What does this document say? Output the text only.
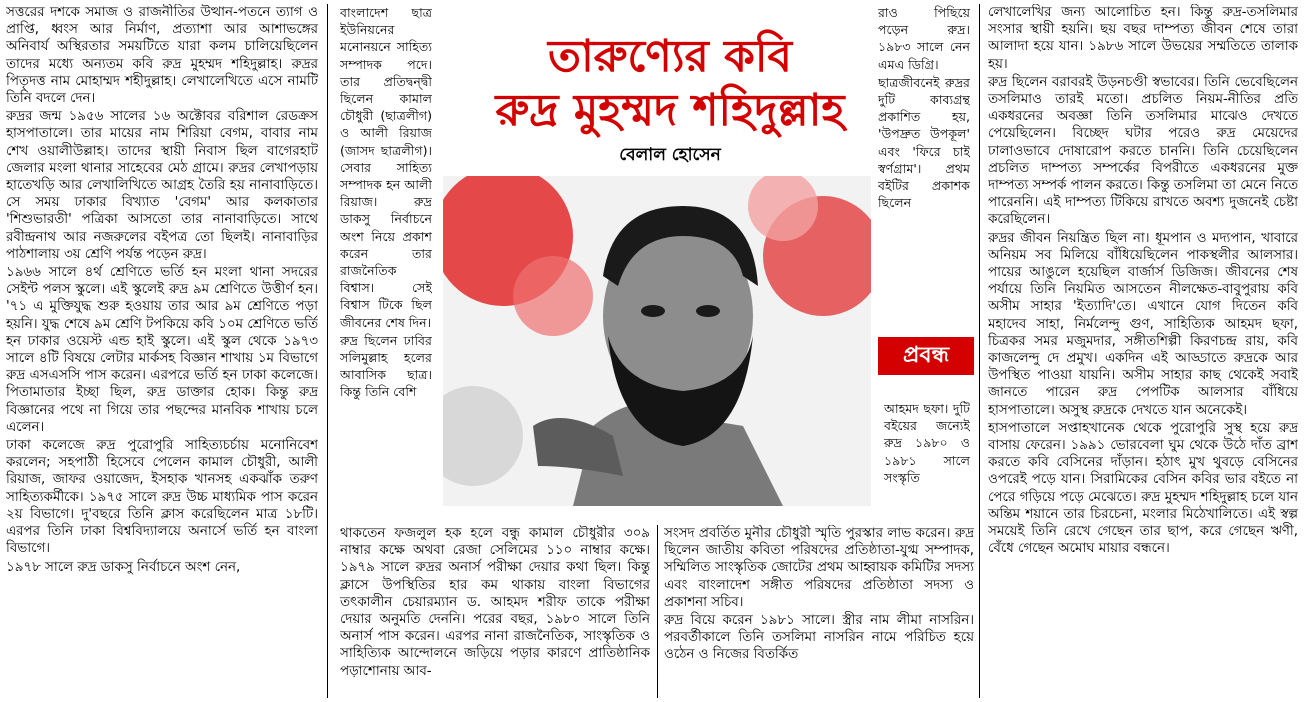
সত্তরের দশকে সমাজ ও রাজনীতির উত্থান-পতনে ত্যাগ ও প্রাপ্তি, ধ্বংস আর নির্মাণ, প্রত্যাশা আর আশাভঙ্গের অনিবার্য অস্থিরতার সময়টিতে যারা কলম চালিয়েছিলেন তাদের মধ্যে অন্যতম কবি রুদ্র মুহম্মদ শহিদুল্লাহ। রুদ্রর পিতৃদত্ত নাম মোহাম্মদ শহীদুল্লাহ। লেখালেখিতে এসে নামটি তিনি বদলে দেন।

রুদ্রর জন্ম ১৯৫৬ সালের ১৬ অক্টোবর বরিশাল রেডক্রস হাসপাতালে। তার মায়ের নাম শিরিয়া বেগম, বাবার নাম শেখ ওয়ালীউল্লাহ। তাদের স্থায়ী নিবাস ছিল বাগেরহাট জেলার মংলা থানার সাহেবের মেঠ গ্রামে। রুদ্রর লেখাপড়ায় হাতেখড়ি আর লেখালিখিতে আগ্রহ তৈরি হয় নানাবাড়িতে। সে সময় ঢাকার বিখ্যাত 'বেগম' আর কলকাতার 'শিশুভারতী' পত্রিকা আসতো তার নানাবাড়িতে। সাথে রবীন্দ্রনাথ আর নজরুলের বইপত্র তো ছিলই। নানাবাড়ির পাঠশালায় ৩য় শ্রেণি পর্যন্ত পড়েন রুদ্র।

১৯৬৬ সালে ৪র্থ শ্রেণিতে ভর্তি হন মংলা থানা সদরের সেইন্ট পলস স্কুলে। এই স্কুলেই রুদ্র ৯ম শ্রেণিতে উত্তীর্ণ হন। '৭১ এ মুক্তিযুদ্ধ শুরু হওয়ায় তার আর ৯ম শ্রেণিতে পড়া হয়নি। যুদ্ধ শেষে ৯ম শ্রেণি টপকিয়ে কবি ১০ম শ্রেণিতে ভর্তি হন ঢাকার ওয়েস্ট এন্ড হাই স্কুলে। এই স্কুল থেকে ১৯৭৩ সালে ৪টি বিষয়ে লেটার মার্কসহ বিজ্ঞান শাখায় ১ম বিভাগে রুদ্র এসএসসি পাস করেন। এরপরে ভর্তি হন ঢাকা কলেজে। পিতামাতার ইচ্ছা ছিল, রুদ্র ডাক্তার হোক। কিন্তু রুদ্র বিজ্ঞানের পথে না গিয়ে তার পছন্দের মানবিক শাখায় চলে এলেন।

ঢাকা কলেজে রুদ্র পুরোপুরি সাহিত্যচর্চায় মনোনিবেশ করলেন; সহপাঠী হিসেবে পেলেন কামাল চৌধুরী, আলী রিয়াজ, জাফর ওয়াজেদ, ইসহাক খানসহ একঝাঁক তরুণ সাহিত্যকর্মীকে। ১৯৭৫ সালে রুদ্র উচ্চ মাধ্যমিক পাস করেন ২য় বিভাগে। দু'বছরে তিনি ক্লাস করেছিলেন মাত্র ১৮টি। এরপর তিনি ঢাকা বিশ্ববিদ্যালয়ে অনার্সে ভর্তি হন বাংলা বিভাগে।

১৯৭৮ সালে রুদ্র ডাকসু নির্বাচনে অংশ নেন,

বাংলাদেশ ছাত্র ইউনিয়নের মনোনয়নে সাহিত্য সম্পাদক পদে। তার প্রতিদ্বন্দ্বী ছিলেন কামাল চৌধুরী (ছাত্রলীগ) ও আলী রিয়াজ (জাসদ ছাত্রলীগ)। সেবার সাহিত্য সম্পাদক হন আলী রিয়াজ। রুদ্র ডাকসু নির্বাচনে অংশ নিয়ে প্রকাশ করেন তার রাজনৈতিক বিশ্বাস। সেই বিশ্বাস টিকে ছিল জীবনের শেষ দিন।

রুদ্র ছিলেন ঢাবির সলিমুল্লাহ হলের আবাসিক ছাত্র। কিন্তু তিনি বেশি

তারুণ্যের কবি
রুদ্র মুহম্মদ শহিদুল্লাহ
বেলাল হোসেন

রাও পিছিয়ে পড়েন রুদ্র। ১৯৮৩ সালে নেন এমএ ডিগ্রি।

ছাত্রজীবনেই রুদ্রর দুটি কাব্যগ্রন্থ প্রকাশিত হয়, 'উপদ্রুত উপকূল' এবং 'ফিরে চাই স্বর্ণগ্রাম'। প্রথম বইটির প্রকাশক ছিলেন

প্রবন্ধ

আহমদ ছফা। দুটি বইয়ের জন্যেই রুদ্র ১৯৮০ ও ১৯৮১ সালে সংস্কৃতি

থাকতেন ফজলুল হক হলে বন্ধু কামাল চৌধুরীর ৩০৯ নাম্বার কক্ষে অথবা রেজা সেলিমের ১১০ নাম্বার কক্ষে। ১৯৭৯ সালে রুদ্রর অনার্স পরীক্ষা দেয়ার কথা ছিল। কিন্তু ক্লাসে উপস্থিতির হার কম থাকায় বাংলা বিভাগের তৎকালীন চেয়ারম্যান ড. আহমদ শরীফ তাকে পরীক্ষা দেয়ার অনুমতি দেননি। পরের বছর, ১৯৮০ সালে তিনি অনার্স পাস করেন। এরপর নানা রাজনৈতিক, সাংস্কৃতিক ও সাহিত্যিক আন্দোলনে জড়িয়ে পড়ার কারণে প্রাতিষ্ঠানিক পড়াশোনায় আব-

সংসদ প্রবর্তিত মুনীর চৌধুরী স্মৃতি পুরস্কার লাভ করেন। রুদ্র ছিলেন জাতীয় কবিতা পরিষদের প্রতিষ্ঠাতা-যুগ্ম সম্পাদক, সম্মিলিত সাংস্কৃতিক জোটের প্রথম আহ্বায়ক কমিটির সদস্য এবং বাংলাদেশ সঙ্গীত পরিষদের প্রতিষ্ঠাতা সদস্য ও প্রকাশনা সচিব।

রুদ্র বিয়ে করেন ১৯৮১ সালে। স্ত্রীর নাম লীমা নাসরিন। পরবর্তীকালে তিনি তসলিমা নাসরিন নামে পরিচিত হয়ে ওঠেন ও নিজের বিতর্কিত

লেখালেখির জন্য আলোচিত হন। কিন্তু রুদ্র-তসলিমার সংসার স্থায়ী হয়নি। ছয় বছর দাম্পত্য জীবন শেষে তারা আলাদা হয়ে যান। ১৯৮৬ সালে উভয়ের সম্মতিতে তালাক হয়।

রুদ্র ছিলেন বরাবরই উড়নচণ্ডী স্বভাবের। তিনি ভেবেছিলেন তসলিমাও তারই মতো। প্রচলিত নিয়ম-নীতির প্রতি একধরনের অবজ্ঞা তিনি তসলিমার মাঝেও দেখতে পেয়েছিলেন। বিচ্ছেদ ঘটার পরেও রুদ্র মেয়েদের ঢালাওভাবে দোষারোপ করতে চাননি। তিনি চেয়েছিলেন প্রচলিত দাম্পত্য সম্পর্কের বিপরীতে একধরনের মুক্ত দাম্পত্য সম্পর্ক পালন করতে। কিন্তু তসলিমা তা মেনে নিতে পারেননি। এই দাম্পত্য টিকিয়ে রাখতে অবশ্য দুজনেই চেষ্টা করেছিলেন।

রুদ্রর জীবন নিয়ন্ত্রিত ছিল না। ধূমপান ও মদ্যপান, খাবারে অনিয়ম সব মিলিয়ে বাঁধিয়েছিলেন পাকস্থলীর আলসার। পায়ের আঙুলে হয়েছিল বার্জার্স ডিজিজ। জীবনের শেষ পর্যায়ে তিনি নিয়মিত আসতেন নীলক্ষেত-বাবুপুরায় কবি অসীম সাহার 'ইত্যাদি'তে। এখানে যোগ দিতেন কবি মহাদেব সাহা, নির্মলেন্দু গুণ, সাহিত্যিক আহমদ ছফা, চিত্রকর সমর মজুমদার, সঙ্গীতশিল্পী কিরণচন্দ্র রায়, কবি কাজলেন্দু দে প্রমুখ। একদিন এই আড্ডাতে রুদ্রকে আর উপস্থিত পাওয়া যায়নি। অসীম সাহার কাছ থেকেই সবাই জানতে পারেন রুদ্র পেপটিক আলসার বাঁধিয়ে হাসপাতালে। অসুস্থ রুদ্রকে দেখতে যান অনেকেই।

হাসপাতালে সপ্তাহখানেক থেকে পুরোপুরি সুস্থ হয়ে রুদ্র বাসায় ফেরেন। ১৯৯১ ভোরবেলা ঘুম থেকে উঠে দাঁত ব্রাশ করতে কবি বেসিনের দাঁড়ান। হঠাৎ মুখ থুবড়ে বেসিনের ওপরেই পড়ে যান। সিরামিকের বেসিন কবির ভার বইতে না পেরে গড়িয়ে পড়ে মেঝেতে। রুদ্র মুহম্মদ শহিদুল্লাহ চলে যান অন্তিম শয়ানে তার চিরচেনা, মংলার মিঠেখালিতে। এই স্বল্প সময়েই তিনি রেখে গেছেন তার ছাপ, করে গেছেন ঋণী, বেঁধে গেছেন অমোঘ মায়ার বন্ধনে।
